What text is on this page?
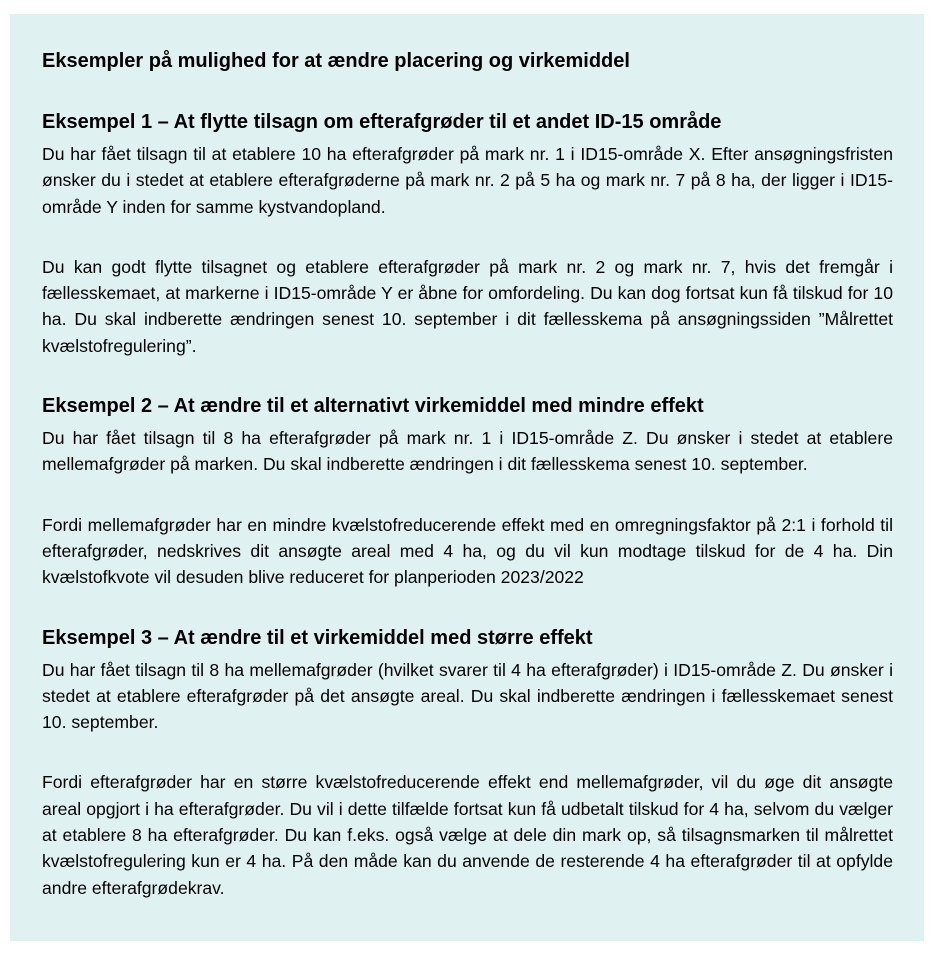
Eksempler på mulighed for at ændre placering og virkemiddel
Eksempel 1 – At flytte tilsagn om efterafgrøder til et andet ID-15 område

Du har fået tilsagn til at etablere 10 ha efterafgrøder på mark nr. 1 i ID15-område X. Efter ansøgningsfristen ønsker du i stedet at etablere efterafgrøderne på mark nr. 2 på 5 ha og mark nr. 7 på 8 ha, der ligger i ID15-område Y inden for samme kystvandopland.

Du kan godt flytte tilsagnet og etablere efterafgrøder på mark nr. 2 og mark nr. 7, hvis det fremgår i fællesskemaet, at markerne i ID15-område Y er åbne for omfordeling. Du kan dog fortsat kun få tilskud for 10 ha. Du skal indberette ændringen senest 10. september i dit fællesskema på ansøgningssiden ”Målrettet kvælstofregulering”.

Eksempel 2 – At ændre til et alternativt virkemiddel med mindre effekt

Du har fået tilsagn til 8 ha efterafgrøder på mark nr. 1 i ID15-område Z. Du ønsker i stedet at etablere mellemafgrøder på marken. Du skal indberette ændringen i dit fællesskema senest 10. september.

Fordi mellemafgrøder har en mindre kvælstofreducerende effekt med en omregningsfaktor på 2:1 i forhold til efterafgrøder, nedskrives dit ansøgte areal med 4 ha, og du vil kun modtage tilskud for de 4 ha. Din kvælstofkvote vil desuden blive reduceret for planperioden 2023/2022

Eksempel 3 – At ændre til et virkemiddel med større effekt

Du har fået tilsagn til 8 ha mellemafgrøder (hvilket svarer til 4 ha efterafgrøder) i ID15-område Z. Du ønsker i stedet at etablere efterafgrøder på det ansøgte areal. Du skal indberette ændringen i fællesskemaet senest 10. september.

Fordi efterafgrøder har en større kvælstofreducerende effekt end mellemafgrøder, vil du øge dit ansøgte areal opgjort i ha efterafgrøder. Du vil i dette tilfælde fortsat kun få udbetalt tilskud for 4 ha, selvom du vælger at etablere 8 ha efterafgrøder. Du kan f.eks. også vælge at dele din mark op, så tilsagnsmarken til målrettet kvælstofregulering kun er 4 ha. På den måde kan du anvende de resterende 4 ha efterafgrøder til at opfylde andre efterafgrødekrav.
